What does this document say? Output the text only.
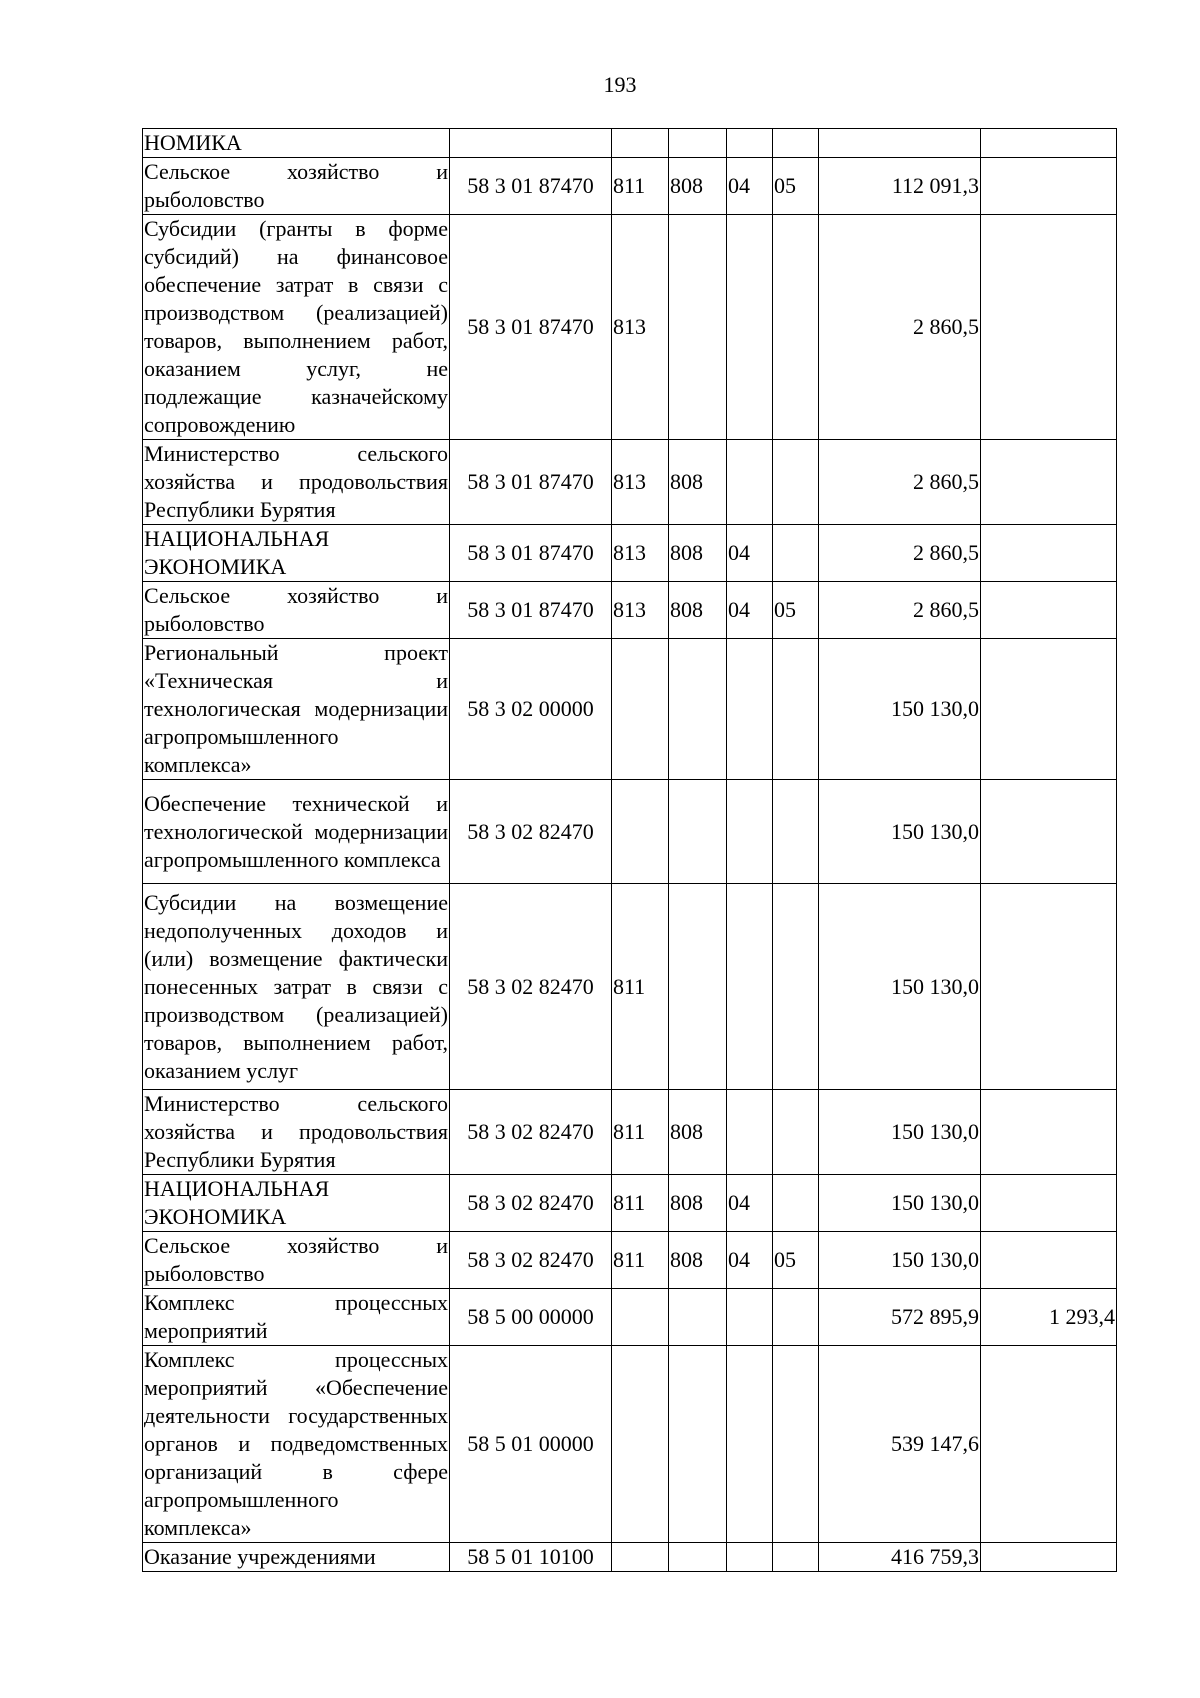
193
НОМИКА							
Сельское хозяйство и рыболовство	58 3 01 87470	811	808	04	05	112 091,3	
Субсидии (гранты в форме субсидий) на финансовое обеспечение затрат в связи с производством (реализацией) товаров, выполнением работ, оказанием услуг, не подлежащие казначейскому сопровождению	58 3 01 87470	813				2 860,5	
Министерство сельского хозяйства и продовольствия Республики Бурятия	58 3 01 87470	813	808			2 860,5	
НАЦИОНАЛЬНАЯ ЭКОНОМИКА	58 3 01 87470	813	808	04		2 860,5	
Сельское хозяйство и рыболовство	58 3 01 87470	813	808	04	05	2 860,5	
Региональный проект «Техническая и технологическая модернизации агропромышленного комплекса»	58 3 02 00000					150 130,0	
Обеспечение технической и технологической модернизации агропромышленного комплекса	58 3 02 82470					150 130,0	
Субсидии на возмещение недополученных доходов и (или) возмещение фактически понесенных затрат в связи с производством (реализацией) товаров, выполнением работ, оказанием услуг	58 3 02 82470	811				150 130,0	
Министерство сельского хозяйства и продовольствия Республики Бурятия	58 3 02 82470	811	808			150 130,0	
НАЦИОНАЛЬНАЯ ЭКОНОМИКА	58 3 02 82470	811	808	04		150 130,0	
Сельское хозяйство и рыболовство	58 3 02 82470	811	808	04	05	150 130,0	
Комплекс процессных мероприятий	58 5 00 00000					572 895,9	1 293,4
Комплекс процессных мероприятий «Обеспечение деятельности государственных органов и подведомственных организаций в сфере агропромышленного комплекса»	58 5 01 00000					539 147,6	
Оказание учреждениями	58 5 01 10100					416 759,3	
